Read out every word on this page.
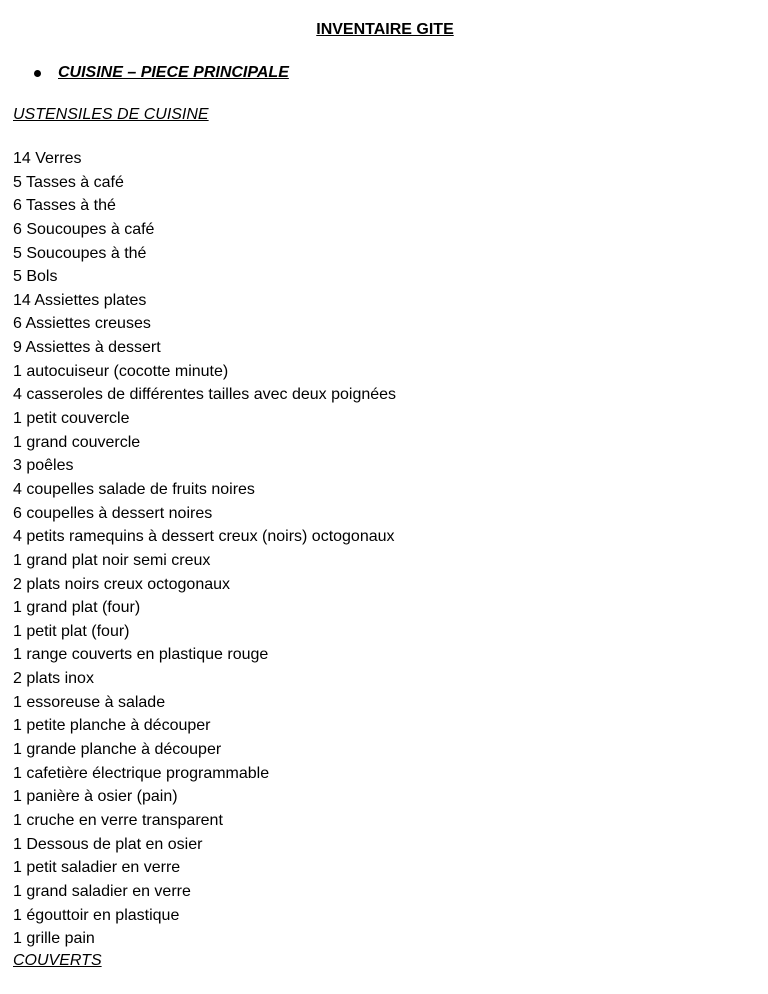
INVENTAIRE GITE
CUISINE – PIECE PRINCIPALE
USTENSILES DE CUISINE
14 Verres
5 Tasses à café
6 Tasses à thé
6 Soucoupes à café
5 Soucoupes à thé
5 Bols
14 Assiettes plates
6 Assiettes creuses
9 Assiettes à dessert
1 autocuiseur (cocotte minute)
4 casseroles de différentes tailles avec deux poignées
1 petit couvercle
1 grand couvercle
3 poêles
4 coupelles salade de fruits noires
6 coupelles à dessert noires
4 petits ramequins à dessert creux (noirs) octogonaux
1 grand plat noir semi creux
2 plats noirs creux octogonaux
1 grand plat (four)
1 petit plat (four)
1 range couverts en plastique rouge
2 plats inox
1 essoreuse à salade
1 petite planche à découper
1 grande planche à découper
1 cafetière électrique programmable
1 panière à osier (pain)
1 cruche en verre transparent
1 Dessous de plat en osier
1 petit saladier en verre
1 grand saladier en verre
1 égouttoir en plastique
1 grille pain
COUVERTS
